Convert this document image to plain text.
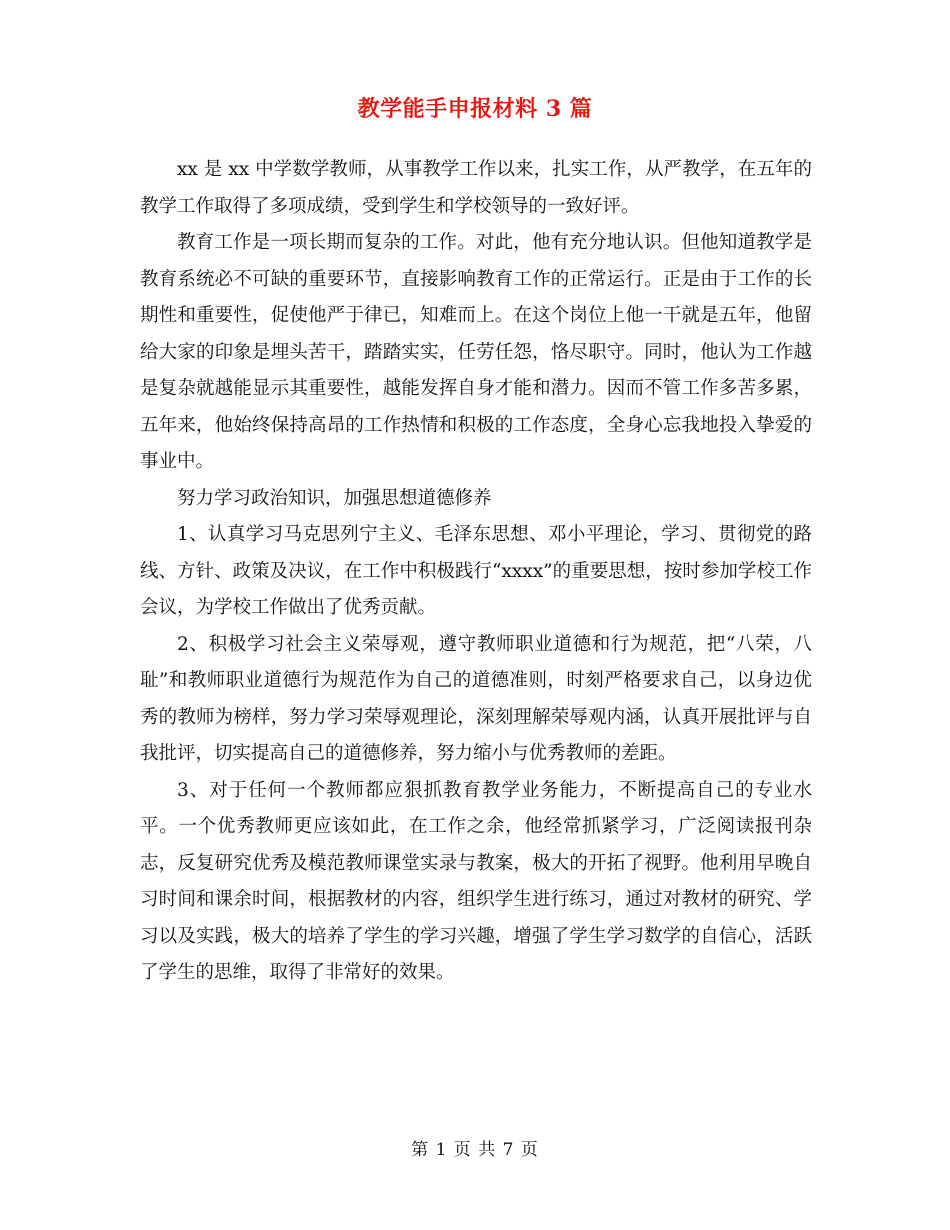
教学能手申报材料 3 篇

xx 是 xx 中学数学教师，从事教学工作以来，扎实工作，从严教学，在五年的教学工作取得了多项成绩，受到学生和学校领导的一致好评。

教育工作是一项长期而复杂的工作。对此，他有充分地认识。但他知道教学是教育系统必不可缺的重要环节，直接影响教育工作的正常运行。正是由于工作的长期性和重要性，促使他严于律已，知难而上。在这个岗位上他一干就是五年，他留给大家的印象是埋头苦干，踏踏实实，任劳任怨，恪尽职守。同时，他认为工作越是复杂就越能显示其重要性，越能发挥自身才能和潜力。因而不管工作多苦多累，五年来，他始终保持高昂的工作热情和积极的工作态度，全身心忘我地投入挚爱的事业中。

努力学习政治知识，加强思想道德修养

1、认真学习马克思列宁主义、毛泽东思想、邓小平理论，学习、贯彻党的路线、方针、政策及决议，在工作中积极践行“xxxx”的重要思想，按时参加学校工作会议，为学校工作做出了优秀贡献。

2、积极学习社会主义荣辱观，遵守教师职业道德和行为规范，把“八荣，八耻”和教师职业道德行为规范作为自己的道德准则，时刻严格要求自己，以身边优秀的教师为榜样，努力学习荣辱观理论，深刻理解荣辱观内涵，认真开展批评与自我批评，切实提高自己的道德修养，努力缩小与优秀教师的差距。

3、对于任何一个教师都应狠抓教育教学业务能力，不断提高自己的专业水平。一个优秀教师更应该如此，在工作之余，他经常抓紧学习，广泛阅读报刊杂志，反复研究优秀及模范教师课堂实录与教案，极大的开拓了视野。他利用早晚自习时间和课余时间，根据教材的内容，组织学生进行练习，通过对教材的研究、学习以及实践，极大的培养了学生的学习兴趣，增强了学生学习数学的自信心，活跃了学生的思维，取得了非常好的效果。

第 1 页 共 7 页
